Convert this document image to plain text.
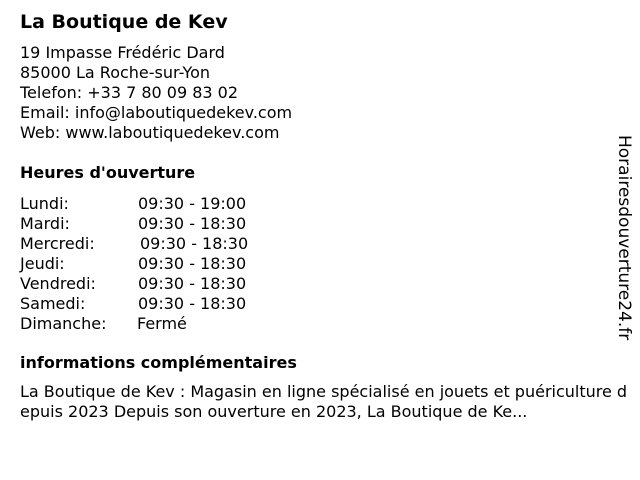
La Boutique de Kev
19 Impasse Frédéric Dard
85000 La Roche-sur-Yon
Telefon: +33 7 80 09 83 02
Email: info@laboutiquedekev.com
Web: www.laboutiquedekev.com
Heures d'ouverture
Lundi:	09:30 - 19:00
Mardi:	09:30 - 18:30
Mercredi:	09:30 - 18:30
Jeudi:	09:30 - 18:30
Vendredi:	09:30 - 18:30
Samedi:	09:30 - 18:30
Dimanche: Fermé
informations complémentaires
La Boutique de Kev : Magasin en ligne spécialisé en jouets et puériculture depuis 2023 Depuis son ouverture en 2023, La Boutique de Ke...
Horairesdouverture24.fr
